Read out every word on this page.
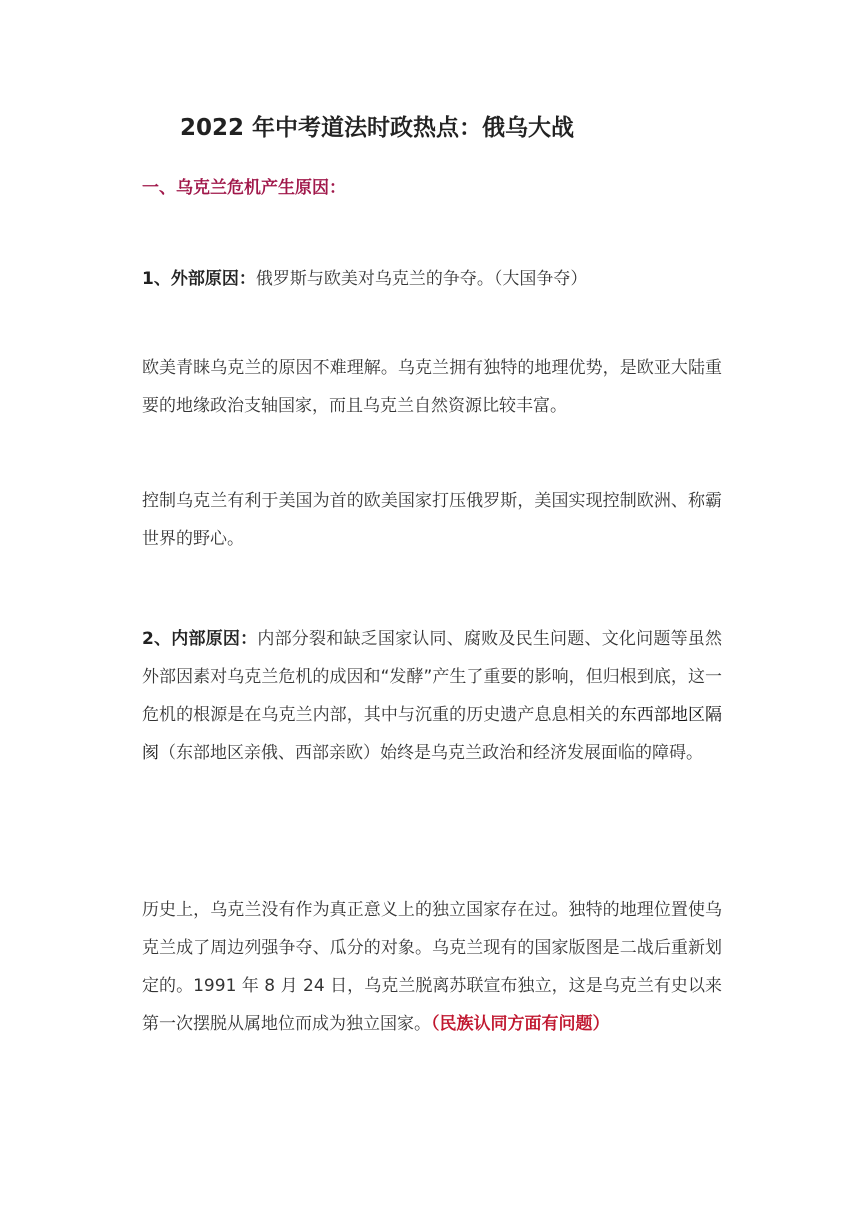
2022 年中考道法时政热点：俄乌大战
一、乌克兰危机产生原因：
1、外部原因：俄罗斯与欧美对乌克兰的争夺。（大国争夺）
欧美青睐乌克兰的原因不难理解。乌克兰拥有独特的地理优势，是欧亚大陆重要的地缘政治支轴国家，而且乌克兰自然资源比较丰富。
控制乌克兰有利于美国为首的欧美国家打压俄罗斯，美国实现控制欧洲、称霸世界的野心。
2、内部原因：内部分裂和缺乏国家认同、腐败及民生问题、文化问题等虽然外部因素对乌克兰危机的成因和“发酵”产生了重要的影响，但归根到底，这一危机的根源是在乌克兰内部，其中与沉重的历史遗产息息相关的东西部地区隔阂（东部地区亲俄、西部亲欧）始终是乌克兰政治和经济发展面临的障碍。
历史上，乌克兰没有作为真正意义上的独立国家存在过。独特的地理位置使乌克兰成了周边列强争夺、瓜分的对象。乌克兰现有的国家版图是二战后重新划定的。1991 年 8 月 24 日，乌克兰脱离苏联宣布独立，这是乌克兰有史以来第一次摆脱从属地位而成为独立国家。（民族认同方面有问题）
